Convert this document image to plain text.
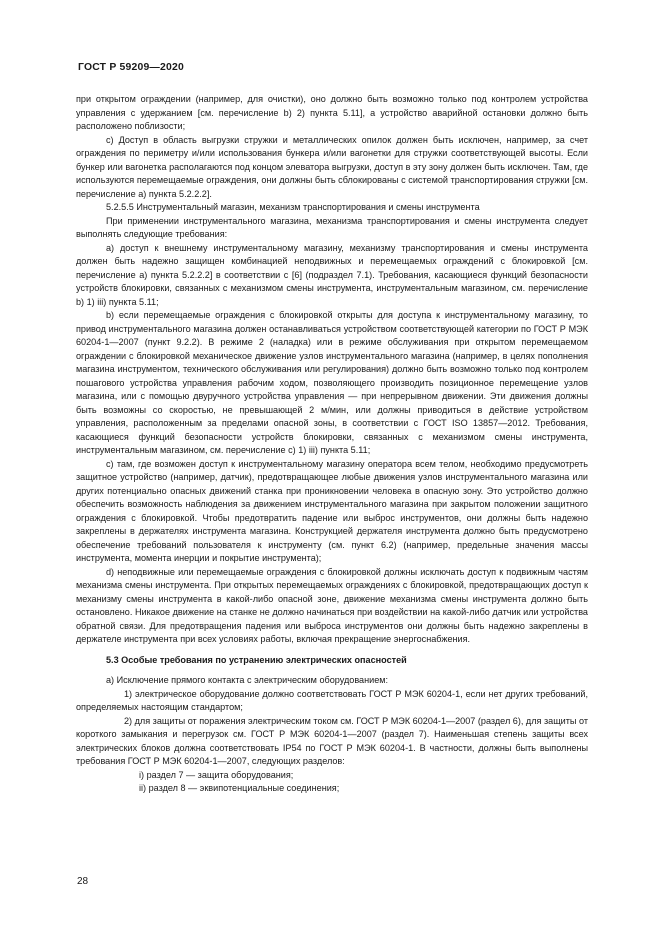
ГОСТ Р 59209—2020

при открытом ограждении (например, для очистки), оно должно быть возможно только под контролем устройства управления с удержанием [см. перечисление b) 2) пункта 5.11], а устройство аварийной остановки должно быть расположено поблизости;

с) Доступ в область выгрузки стружки и металлических опилок должен быть исключен, например, за счет ограждения по периметру и/или использования бункера и/или вагонетки для стружки соответствующей высоты. Если бункер или вагонетка располагаются под концом элеватора выгрузки, доступ в эту зону должен быть исключен. Там, где используются перемещаемые ограждения, они должны быть сблокированы с системой транспортирования стружки [см. перечисление а) пункта 5.2.2.2].

5.2.5.5 Инструментальный магазин, механизм транспортирования и смены инструмента

При применении инструментального магазина, механизма транспортирования и смены инструмента следует выполнять следующие требования:

а) доступ к внешнему инструментальному магазину, механизму транспортирования и смены инструмента должен быть надежно защищен комбинацией неподвижных и перемещаемых ограждений с блокировкой [см. перечисление а) пункта 5.2.2.2] в соответствии с [6] (подраздел 7.1). Требования, касающиеся функций безопасности устройств блокировки, связанных с механизмом смены инструмента, инструментальным магазином, см. перечисление b) 1) iii) пункта 5.11;

b) если перемещаемые ограждения с блокировкой открыты для доступа к инструментальному магазину, то привод инструментального магазина должен останавливаться устройством соответствующей категории по ГОСТ Р МЭК 60204-1—2007 (пункт 9.2.2). В режиме 2 (наладка) или в режиме обслуживания при открытом перемещаемом ограждении с блокировкой механическое движение узлов инструментального магазина (например, в целях пополнения магазина инструментом, технического обслуживания или регулирования) должно быть возможно только под контролем пошагового устройства управления рабочим ходом, позволяющего производить позиционное перемещение узлов магазина, или с помощью двуручного устройства управления — при непрерывном движении. Эти движения должны быть возможны со скоростью, не превышающей 2 м/мин, или должны приводиться в действие устройством управления, расположенным за пределами опасной зоны, в соответствии с ГОСТ ISO 13857—2012. Требования, касающиеся функций безопасности устройств блокировки, связанных с механизмом смены инструмента, инструментальным магазином, см. перечисление с) 1) iii) пункта 5.11;

с) там, где возможен доступ к инструментальному магазину оператора всем телом, необходимо предусмотреть защитное устройство (например, датчик), предотвращающее любые движения узлов инструментального магазина или других потенциально опасных движений станка при проникновении человека в опасную зону. Это устройство должно обеспечить возможность наблюдения за движением инструментального магазина при закрытом положении защитного ограждения с блокировкой. Чтобы предотвратить падение или выброс инструментов, они должны быть надежно закреплены в держателях инструмента магазина. Конструкцией держателя инструмента должно быть предусмотрено обеспечение требований пользователя к инструменту (см. пункт 6.2) (например, предельные значения массы инструмента, момента инерции и покрытие инструмента);

d) неподвижные или перемещаемые ограждения с блокировкой должны исключать доступ к подвижным частям механизма смены инструмента. При открытых перемещаемых ограждениях с блокировкой, предотвращающих доступ к механизму смены инструмента в какой-либо опасной зоне, движение механизма смены инструмента должно быть остановлено. Никакое движение на станке не должно начинаться при воздействии на какой-либо датчик или устройства обратной связи. Для предотвращения падения или выброса инструментов они должны быть надежно закреплены в держателе инструмента при всех условиях работы, включая прекращение энергоснабжения.

5.3 Особые требования по устранению электрических опасностей

а) Исключение прямого контакта с электрическим оборудованием:

1) электрическое оборудование должно соответствовать ГОСТ Р МЭК 60204-1, если нет других требований, определяемых настоящим стандартом;

2) для защиты от поражения электрическим током см. ГОСТ Р МЭК 60204-1—2007 (раздел 6), для защиты от короткого замыкания и перегрузок см. ГОСТ Р МЭК 60204-1—2007 (раздел 7). Наименьшая степень защиты всех электрических блоков должна соответствовать IP54 по ГОСТ Р МЭК 60204-1. В частности, должны быть выполнены требования ГОСТ Р МЭК 60204-1—2007, следующих разделов:

i) раздел 7 — защита оборудования;

ii) раздел 8 — эквипотенциальные соединения;

28
